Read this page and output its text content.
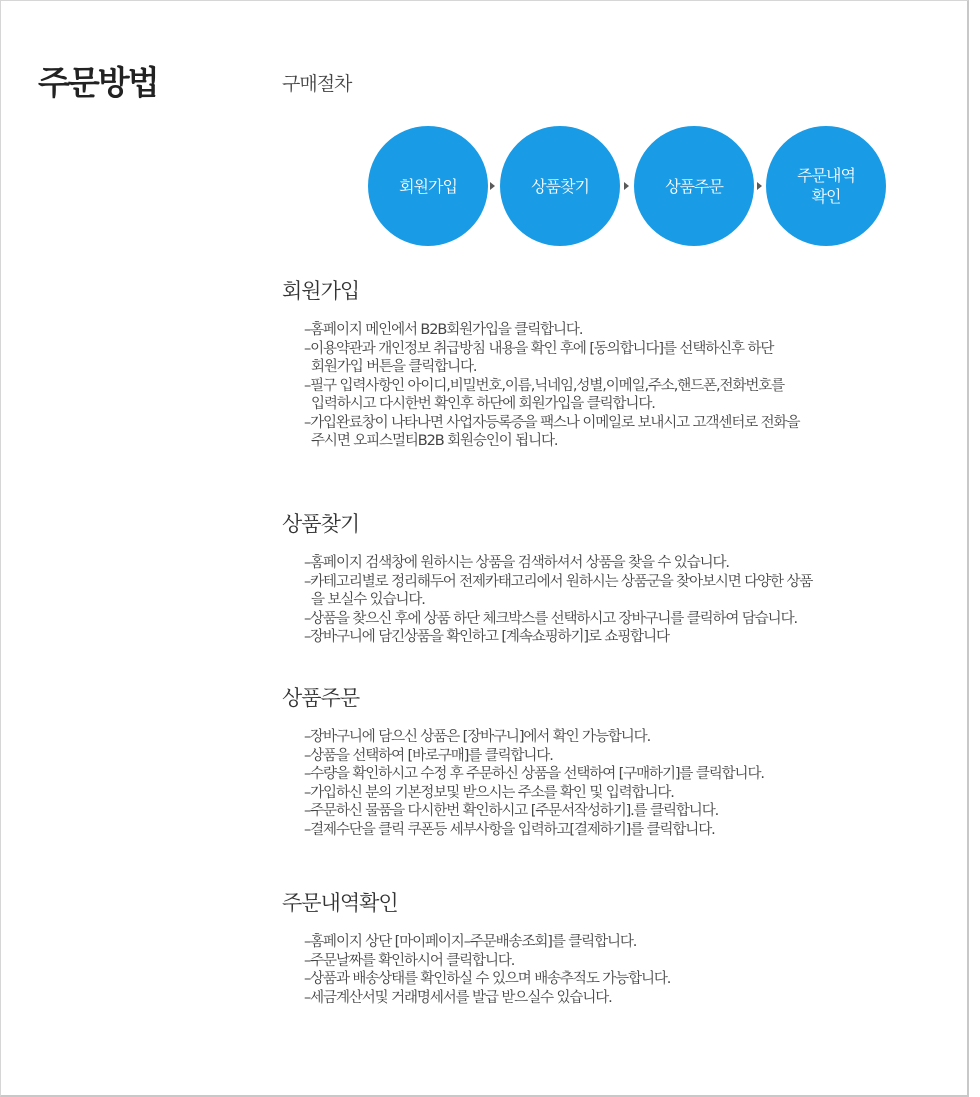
주문방법	구매절차
회원가입	상품찾기	상품주문
주문내역
확인
회원가입
–홈페이지 메인에서 B2B회원가입을 클릭합니다.
–이용약관과 개인정보 취급방침 내용을 확인 후에 [동의합니다]를 선택하신후 하단
회원가입 버튼을 클릭합니다.
–필구 입력사항인 아이디,비밀번호,이름,닉네임,성별,이메일,주소,핸드폰,전화번호를
입력하시고 다시한번 확인후 하단에 회원가입을 클릭합니다.
–가입완료창이 나타나면 사업자등록증을 팩스나 이메일로 보내시고 고객센터로 전화을
주시면 오피스멀티B2B 회원승인이 됩니다.
상품찾기
–홈페이지 검색창에 원하시는 상품을 검색하셔서 상품을 찾을 수 있습니다.
–카테고리별로 정리해두어 전제카태고리에서 원하시는 상품군을 찾아보시면 다양한 상품
을 보실수 있습니다.
–상품을 찾으신 후에 상품 하단 체크박스를 선택하시고 장바구니를 클릭하여 담습니다.
–장바구니에 담긴상품을 확인하고 [계속쇼핑하기]로 쇼핑합니다
상품주문
–장바구니에 담으신 상품은 [장바구니]에서 확인 가능합니다.
–상품을 선택하여 [바로구매]를 클릭합니다.
–수량을 확인하시고 수정 후 주문하신 상품을 선택하여 [구매하기]를 클릭합니다.
–가입하신 분의 기본정보및 받으시는 주소를 확인 및 입력합니다.
–주문하신 물품을 다시한번 확인하시고 [주문서작성하기].를 클릭합니다.
–결제수단을 클릭 쿠폰등 세부사항을 입력하고[결제하기]를 클릭합니다.
주문내역확인
–홈페이지 상단 [마이페이지–주문배송조회]를 클릭합니다.
–주문날짜를 확인하시어 클릭합니다.
–상품과 배송상태를 확인하실 수 있으며 배송추적도 가능합니다.
–세금계산서및 거래명세서를 발급 받으실수 있습니다.
